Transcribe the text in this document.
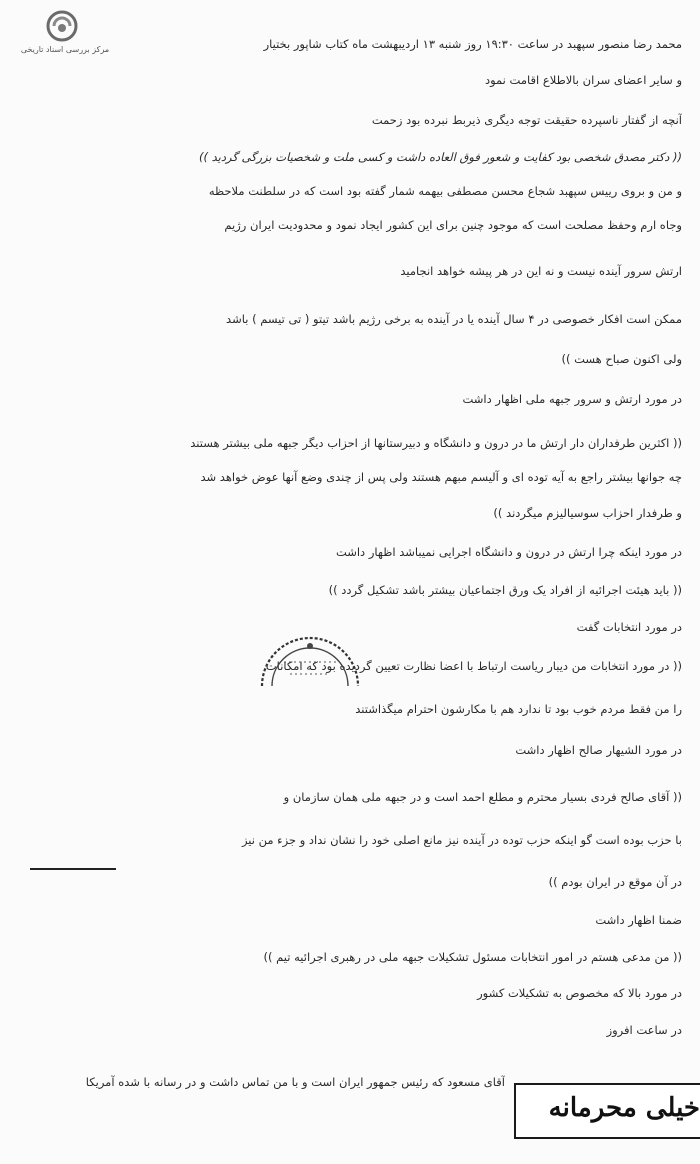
مرکز بررسی اسناد تاریخی	محمد رضا منصور سپهبد در ساعت ۱۹:۳۰ روز شنبه ۱۳ اردیبهشت ماه کتاب شاپور بختیار
و سایر اعضای سران بالاطلاع اقامت نمود
آنچه از گفتار ناسپرده حقیقت توجه دیگری ذیربط نبرده بود زحمت
(( دکتر مصدق شخصی بود کفایت و شعور فوق العاده داشت و کسی ملت و شخصیات بزرگی گردید ))
و من و بروی رییس سپهبد شجاع محسن مصطفی بیهمه شمار گفته بود است که در سلطنت ملاحظه
وجاه ارم وحفظ مصلحت است که موجود چنین برای این کشور ایجاد نمود و محدودیت ایران رژیم
ارتش سرور آینده نیست و نه این در هر پیشه خواهد انجامید
ممکن است افکار خصوصی در ۴ سال آینده یا در آینده به برخی رژیم باشد تیتو ( تی تیسم ) باشد
ولی اکنون صباح هست ))
در مورد ارتش و سرور جبهه ملی اظهار داشت
(( اکثرین طرفداران دار ارتش ما در درون و دانشگاه و دبیرستانها از احزاب دیگر جبهه ملی بیشتر هستند
چه جوانها بیشتر راجع به آیه توده ای و آلیسم مبهم هستند ولی پس از چندی وضع آنها عوض خواهد شد
و طرفدار احزاب سوسیالیزم میگردند ))
در مورد اینکه چرا ارتش در درون و دانشگاه اجرایی نمیباشد اظهار داشت
(( باید هیئت اجرائیه از افراد یک ورق اجتماعیان بیشتر باشد تشکیل گردد ))
در مورد انتخابات گفت
(( در مورد انتخابات من دیبار ریاست ارتباط با اعضا نظارت تعیین گردیده بود که امکانات
را من فقط مردم خوب بود تا ندارد هم با مکارشون احترام میگذاشتند
در مورد الشیهار صالح اظهار داشت
(( آقای صالح فردی بسیار محترم و مطلع احمد است و در جبهه ملی همان سازمان و
با حزب بوده است گو اینکه حزب توده در آینده نیز مانع اصلی خود را نشان نداد و جزء من نیز
در آن موقع در ایران بودم ))
ضمنا اظهار داشت
(( من مدعی هستم در امور انتخابات مسئول تشکیلات جبهه ملی در رهبری اجرائیه تیم ))
در مورد بالا که مخصوص به تشکیلات کشور
در ساعت افروز
آقای مسعود که رئیس جمهور ایران است و با من تماس داشت و در رسانه با شده آمریکا
خیلی محرمانه
